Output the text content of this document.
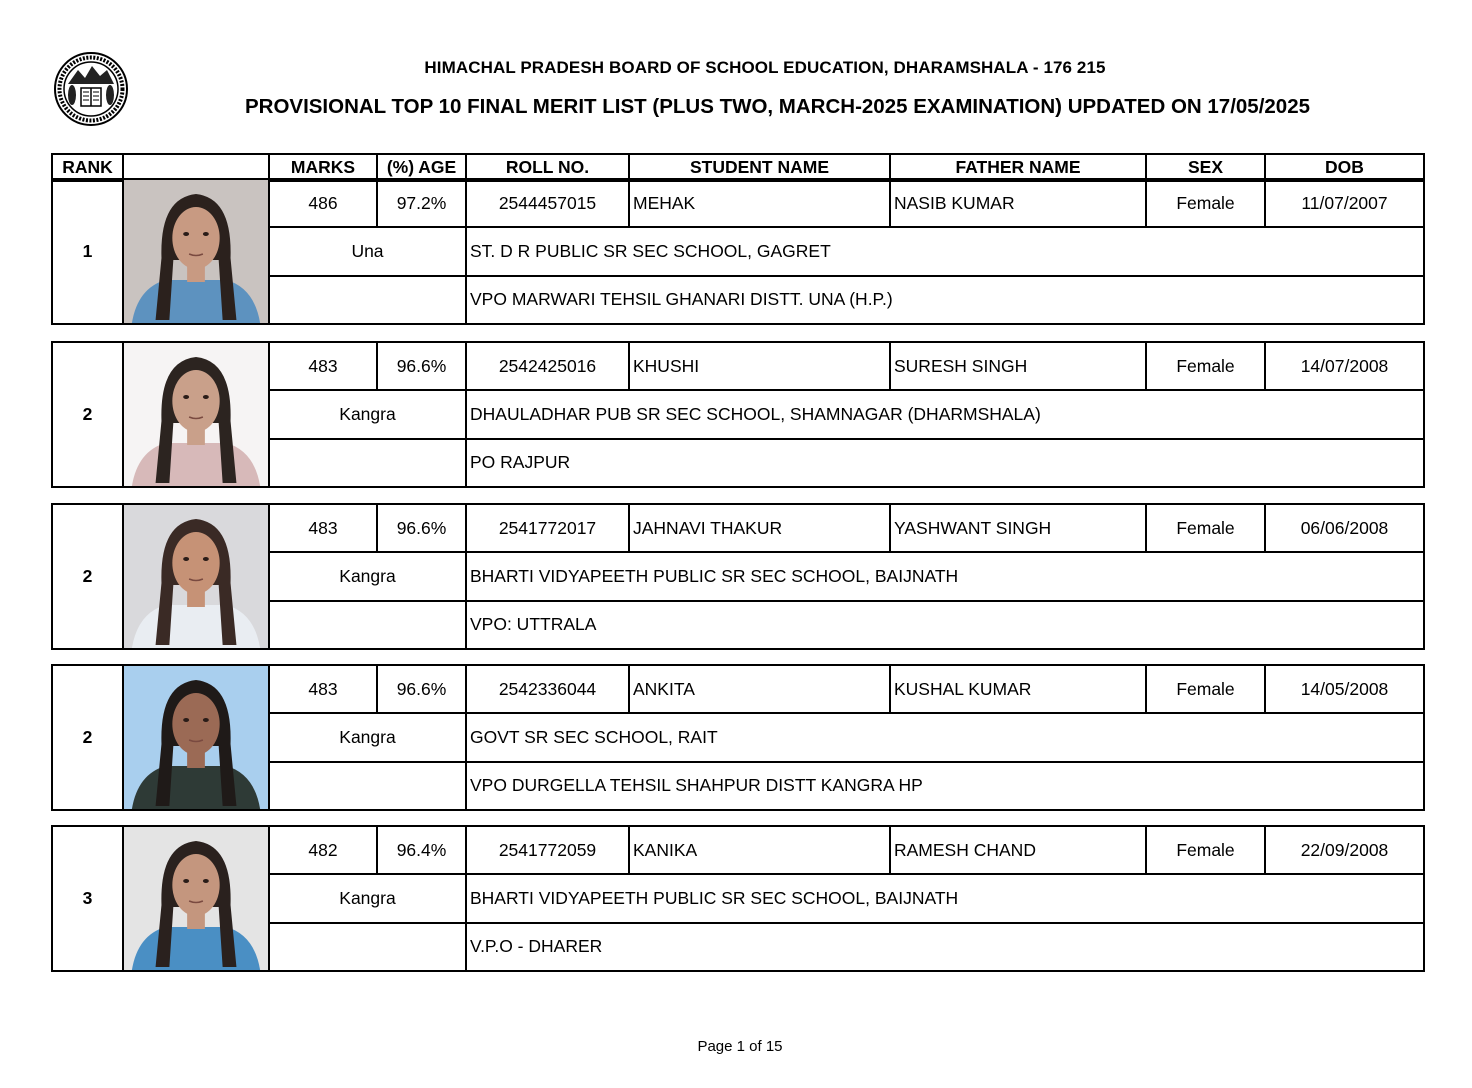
HIMACHAL PRADESH BOARD OF SCHOOL EDUCATION, DHARAMSHALA - 176 215
PROVISIONAL TOP 10 FINAL MERIT LIST (PLUS TWO, MARCH-2025 EXAMINATION) UPDATED ON 17/05/2025
RANK		MARKS	(%) AGE	ROLL NO.	STUDENT NAME	FATHER NAME	SEX	DOB
1		486	97.2%	2544457015	MEHAK	NASIB KUMAR	Female	11/07/2007
		Una		ST. D R PUBLIC SR SEC SCHOOL, GAGRET				
				VPO MARWARI TEHSIL GHANARI DISTT. UNA (H.P.)				
2		483	96.6%	2542425016	KHUSHI	SURESH SINGH	Female	14/07/2008
		Kangra		DHAULADHAR PUB SR SEC SCHOOL, SHAMNAGAR (DHARMSHALA)				
				PO RAJPUR				
2		483	96.6%	2541772017	JAHNAVI THAKUR	YASHWANT SINGH	Female	06/06/2008
		Kangra		BHARTI VIDYAPEETH PUBLIC SR SEC SCHOOL, BAIJNATH				
				VPO: UTTRALA				
2		483	96.6%	2542336044	ANKITA	KUSHAL KUMAR	Female	14/05/2008
		Kangra		GOVT SR SEC SCHOOL, RAIT				
				VPO DURGELLA TEHSIL SHAHPUR DISTT KANGRA HP				
3		482	96.4%	2541772059	KANIKA	RAMESH CHAND	Female	22/09/2008
		Kangra		BHARTI VIDYAPEETH PUBLIC SR SEC SCHOOL, BAIJNATH				
				V.P.O - DHARER				
Page 1 of 15
